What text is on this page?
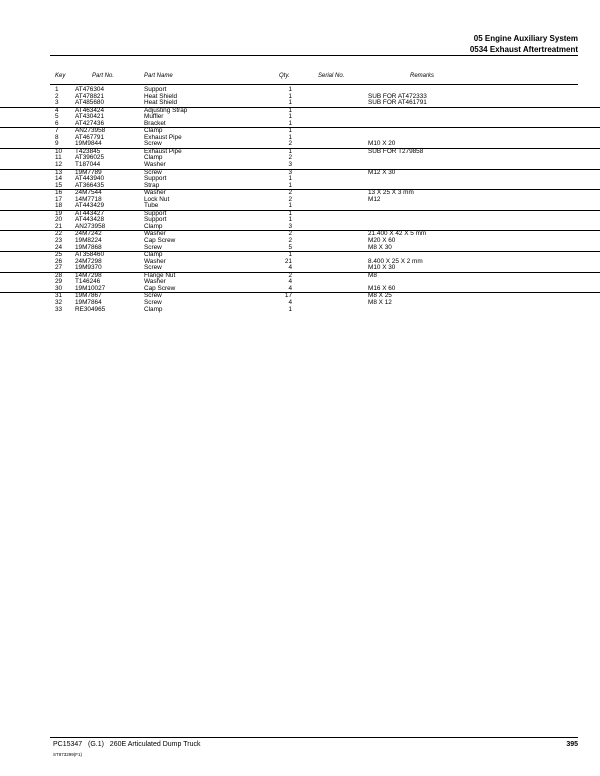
05 Engine Auxiliary System
0534 Exhaust Aftertreatment
Key	Part No.	Part Name	Qty.	Serial No.	Remarks
1	AT476304	Support	1
2	AT478821	Heat Shield	1	SUB FOR AT472333
3	AT485680	Heat Shield	1	SUB FOR AT461791
4	AT463424	Adjusting Strap	1
5	AT430421	Muffler	1
6	AT427436	Bracket	1
7	AN273958	Clamp	1
8	AT467791	Exhaust Pipe	1
9	19M9844	Screw	2	M10 X 20
10 T423845	Exhaust Pipe	1	SUB FOR T279858
11 AT396025	Clamp	2
12 T187044	Washer	3
13 19M7789	Screw	3	M12 X 30
14 AT443940	Support	1
15 AT366435	Strap	1
16 24M7544	Washer	2	13 X 25 X 3 mm
17 14M7718	Lock Nut	2	M12
18 AT443429	Tube	1
19 AT443427	Support	1
20 AT443428	Support	1
21 AN273958	Clamp	3
22 24M7242	Washer	2	21.400 X 42 X 5 mm
23 19M8224	Cap Screw	2	M20 X 60
24 19M7868	Screw	5	M8 X 30
25 AT358460	Clamp	1
26 24M7298	Washer	21	8.400 X 25 X 2 mm
27 19M9370	Screw	4	M10 X 30
28 14M7298	Flange Nut	2	M8
29 T146246	Washer	4
30 19M10027	Cap Screw	4	M16 X 60
31 19M7867	Screw	17	M8 X 25
32 19M7864	Screw	4	M8 X 12
33 RE304965	Clamp	1
PC15347   (G.1)   260E Articulated Dump Truck
ST873299(F1)
395
